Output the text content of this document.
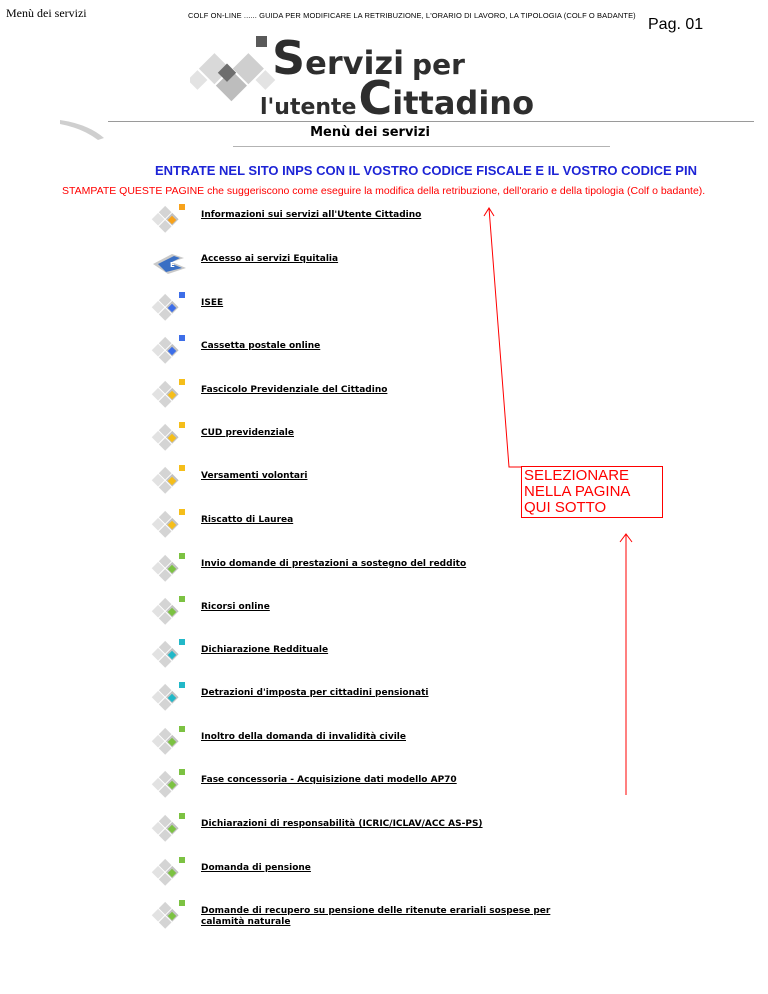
Menù dei servizi	COLF ON-LINE ...... GUIDA PER MODIFICARE LA RETRIBUZIONE, L'ORARIO DI LAVORO, LA TIPOLOGIA (COLF O BADANTE)
Pag. 01
Servizi per
l'utenteCittadino
Menù dei servizi
ENTRATE NEL SITO INPS CON IL VOSTRO CODICE FISCALE E IL VOSTRO CODICE PIN
STAMPATE QUESTE PAGINE che suggeriscono come eseguire la modifica della retribuzione, dell'orario e della tipologia (Colf o badante).
Informazioni sui servizi all'Utente Cittadino
E
Accesso ai servizi Equitalia
ISEE
Cassetta postale online
Fascicolo Previdenziale del Cittadino
CUD previdenziale
Versamenti volontari
Riscatto di Laurea
Invio domande di prestazioni a sostegno del reddito
Ricorsi online
Dichiarazione Reddituale
Detrazioni d'imposta per cittadini pensionati
Inoltro della domanda di invalidità civile
Fase concessoria - Acquisizione dati modello AP70
Dichiarazioni di responsabilità (ICRIC/ICLAV/ACC AS-PS)
Domanda di pensione
Domande di recupero su pensione delle ritenute erariali sospese per calamità naturale
SELEZIONARE
NELLA PAGINA
QUI SOTTO
